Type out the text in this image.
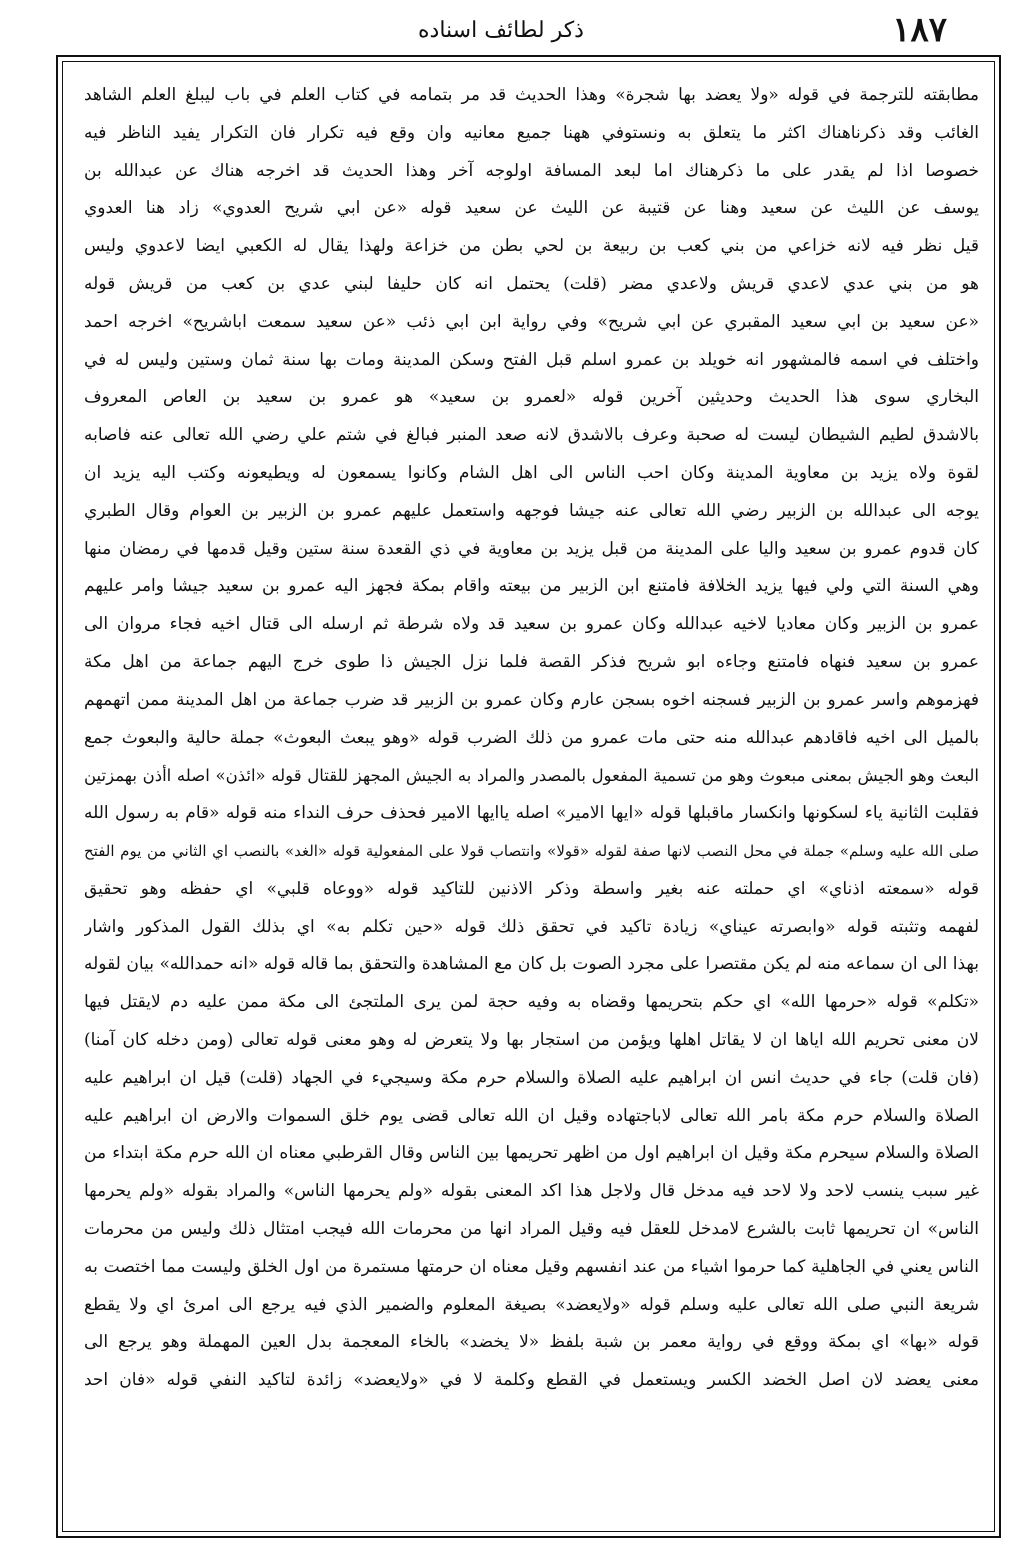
١٨٧
ذكر لطائف اسناده
مطابقته للترجمة في قوله «ولا يعضد بها شجرة» وهذا الحديث قد مر بتمامه في كتاب العلم في باب ليبلغ العلم الشاهد
الغائب وقد ذكرناهناك اكثر ما يتعلق به ونستوفي ههنا جميع معانيه وان وقع فيه تكرار فان التكرار يفيد الناظر فيه
خصوصا اذا لم يقدر على ما ذكرهناك اما لبعد المسافة اولوجه آخر وهذا الحديث قد اخرجه هناك عن عبدالله بن
يوسف عن الليث عن سعيد وهنا عن قتيبة عن الليث عن سعيد قوله «عن ابي شريح العدوي» زاد هنا العدوي
قيل نظر فيه لانه خزاعي من بني كعب بن ربيعة بن لحي بطن من خزاعة ولهذا يقال له الكعبي ايضا لاعدوي وليس
هو من بني عدي لاعدي قريش ولاعدي مضر (قلت) يحتمل انه كان حليفا لبني عدي بن كعب من قريش قوله
«عن سعيد بن ابي سعيد المقبري عن ابي شريح» وفي رواية ابن ابي ذئب «عن سعيد سمعت اباشريح» اخرجه احمد
واختلف في اسمه فالمشهور انه خويلد بن عمرو اسلم قبل الفتح وسكن المدينة ومات بها سنة ثمان وستين وليس له في
البخاري سوى هذا الحديث وحديثين آخرين قوله «لعمرو بن سعيد» هو عمرو بن سعيد بن العاص المعروف
بالاشدق لطيم الشيطان ليست له صحبة وعرف بالاشدق لانه صعد المنبر فبالغ في شتم علي رضي الله تعالى عنه فاصابه
لقوة ولاه يزيد بن معاوية المدينة وكان احب الناس الى اهل الشام وكانوا يسمعون له ويطيعونه وكتب اليه يزيد ان
يوجه الى عبدالله بن الزبير رضي الله تعالى عنه جيشا فوجهه واستعمل عليهم عمرو بن الزبير بن العوام وقال الطبري
كان قدوم عمرو بن سعيد واليا على المدينة من قبل يزيد بن معاوية في ذي القعدة سنة ستين وقيل قدمها في رمضان منها
وهي السنة التي ولي فيها يزيد الخلافة فامتنع ابن الزبير من بيعته واقام بمكة فجهز اليه عمرو بن سعيد جيشا وامر عليهم
عمرو بن الزبير وكان معاديا لاخيه عبدالله وكان عمرو بن سعيد قد ولاه شرطة ثم ارسله الى قتال اخيه فجاء مروان الى
عمرو بن سعيد فنهاه فامتنع وجاءه ابو شريح فذكر القصة فلما نزل الجيش ذا طوى خرج اليهم جماعة من اهل مكة
فهزموهم واسر عمرو بن الزبير فسجنه اخوه بسجن عارم وكان عمرو بن الزبير قد ضرب جماعة من اهل المدينة ممن اتهمهم
بالميل الى اخيه فاقادهم عبدالله منه حتى مات عمرو من ذلك الضرب قوله «وهو يبعث البعوث» جملة حالية والبعوث جمع
البعث وهو الجيش بمعنى مبعوث وهو من تسمية المفعول بالمصدر والمراد به الجيش المجهز للقتال قوله «ائذن» اصله اأذن بهمزتين
فقلبت الثانية ياء لسكونها وانكسار ماقبلها قوله «ايها الامير» اصله ياايها الامير فحذف حرف النداء منه قوله «قام به رسول الله
صلى الله عليه وسلم» جملة في محل النصب لانها صفة لقوله «قولا» وانتصاب قولا على المفعولية قوله «الغد» بالنصب اي الثاني من يوم الفتح
قوله «سمعته اذناي» اي حملته عنه بغير واسطة وذكر الاذنين للتاكيد قوله «ووعاه قلبي» اي حفظه وهو تحقيق
لفهمه وتثبته قوله «وابصرته عيناي» زيادة تاكيد في تحقق ذلك قوله «حين تكلم به» اي بذلك القول المذكور واشار
بهذا الى ان سماعه منه لم يكن مقتصرا على مجرد الصوت بل كان مع المشاهدة والتحقق بما قاله قوله «انه حمدالله» بيان لقوله
«تكلم» قوله «حرمها الله» اي حكم بتحريمها وقضاه به وفيه حجة لمن يرى الملتجئ الى مكة ممن عليه دم لايقتل فيها
لان معنى تحريم الله اياها ان لا يقاتل اهلها ويؤمن من استجار بها ولا يتعرض له وهو معنى قوله تعالى (ومن دخله كان آمنا)
(فان قلت) جاء في حديث انس ان ابراهيم عليه الصلاة والسلام حرم مكة وسيجيء في الجهاد (قلت) قيل ان ابراهيم عليه
الصلاة والسلام حرم مكة بامر الله تعالى لاباجتهاده وقيل ان الله تعالى قضى يوم خلق السموات والارض ان ابراهيم عليه
الصلاة والسلام سيحرم مكة وقيل ان ابراهيم اول من اظهر تحريمها بين الناس وقال القرطبي معناه ان الله حرم مكة ابتداء من
غير سبب ينسب لاحد ولا لاحد فيه مدخل قال ولاجل هذا اكد المعنى بقوله «ولم يحرمها الناس» والمراد بقوله «ولم يحرمها
الناس» ان تحريمها ثابت بالشرع لامدخل للعقل فيه وقيل المراد انها من محرمات الله فيجب امتثال ذلك وليس من محرمات
الناس يعني في الجاهلية كما حرموا اشياء من عند انفسهم وقيل معناه ان حرمتها مستمرة من اول الخلق وليست مما اختصت به
شريعة النبي صلى الله تعالى عليه وسلم قوله «ولايعضد» بصيغة المعلوم والضمير الذي فيه يرجع الى امرئ اي ولا يقطع
قوله «بها» اي بمكة ووقع في رواية معمر بن شبة بلفظ «لا يخضد» بالخاء المعجمة بدل العين المهملة وهو يرجع الى
معنى يعضد لان اصل الخضد الكسر ويستعمل في القطع وكلمة لا في «ولايعضد» زائدة لتاكيد النفي قوله «فان احد
